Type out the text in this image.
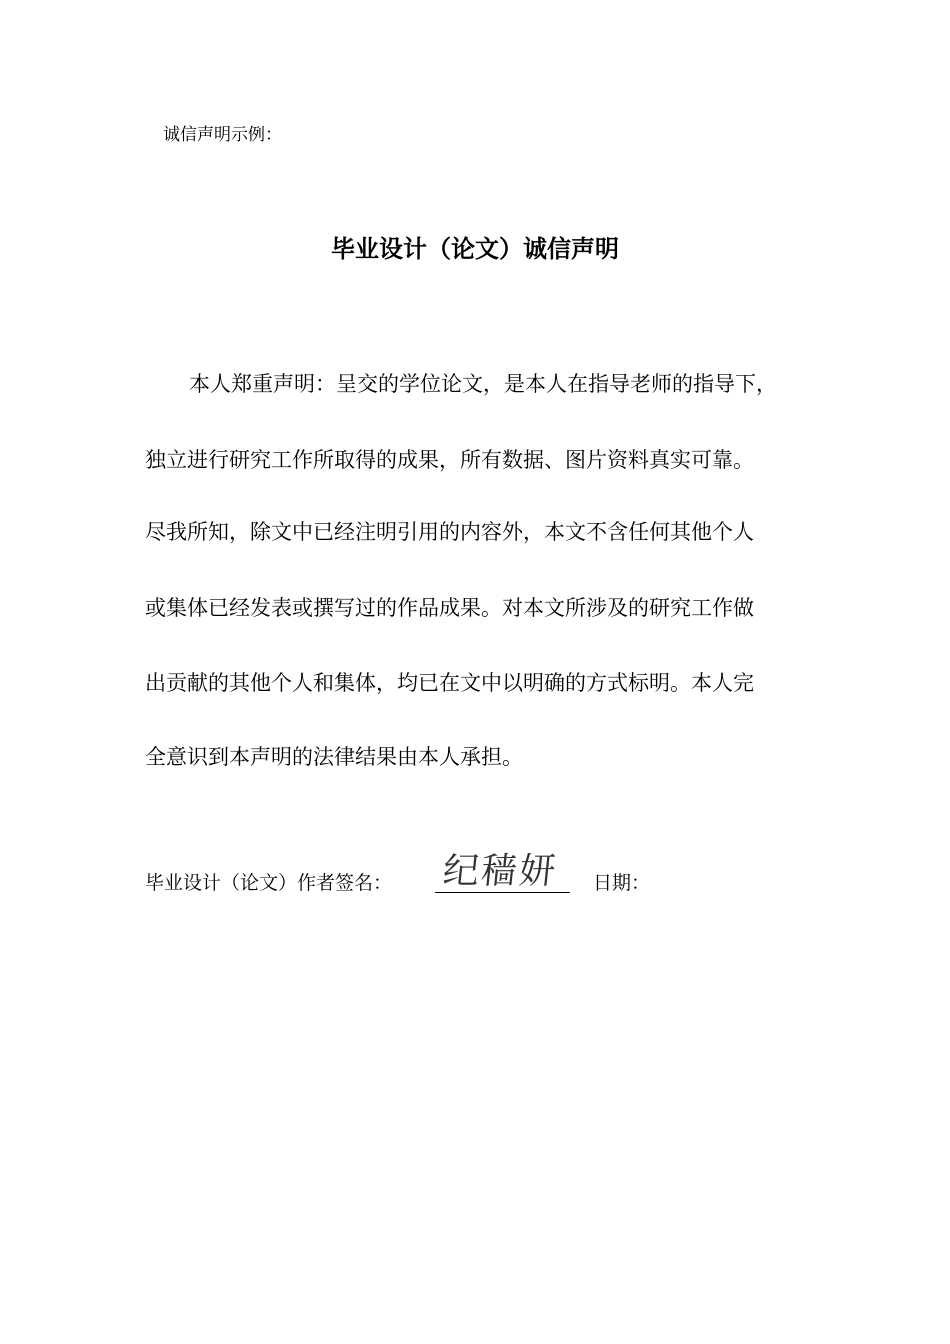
诚信声明示例：
毕业设计（论文）诚信声明
本人郑重声明：呈交的学位论文，是本人在指导老师的指导下，
独立进行研究工作所取得的成果，所有数据、图片资料真实可靠。
尽我所知，除文中已经注明引用的内容外，本文不含任何其他个人
或集体已经发表或撰写过的作品成果。对本文所涉及的研究工作做
出贡献的其他个人和集体，均已在文中以明确的方式标明。本人完
全意识到本声明的法律结果由本人承担。
毕业设计（论文）作者签名： 纪穑妍 日期：
